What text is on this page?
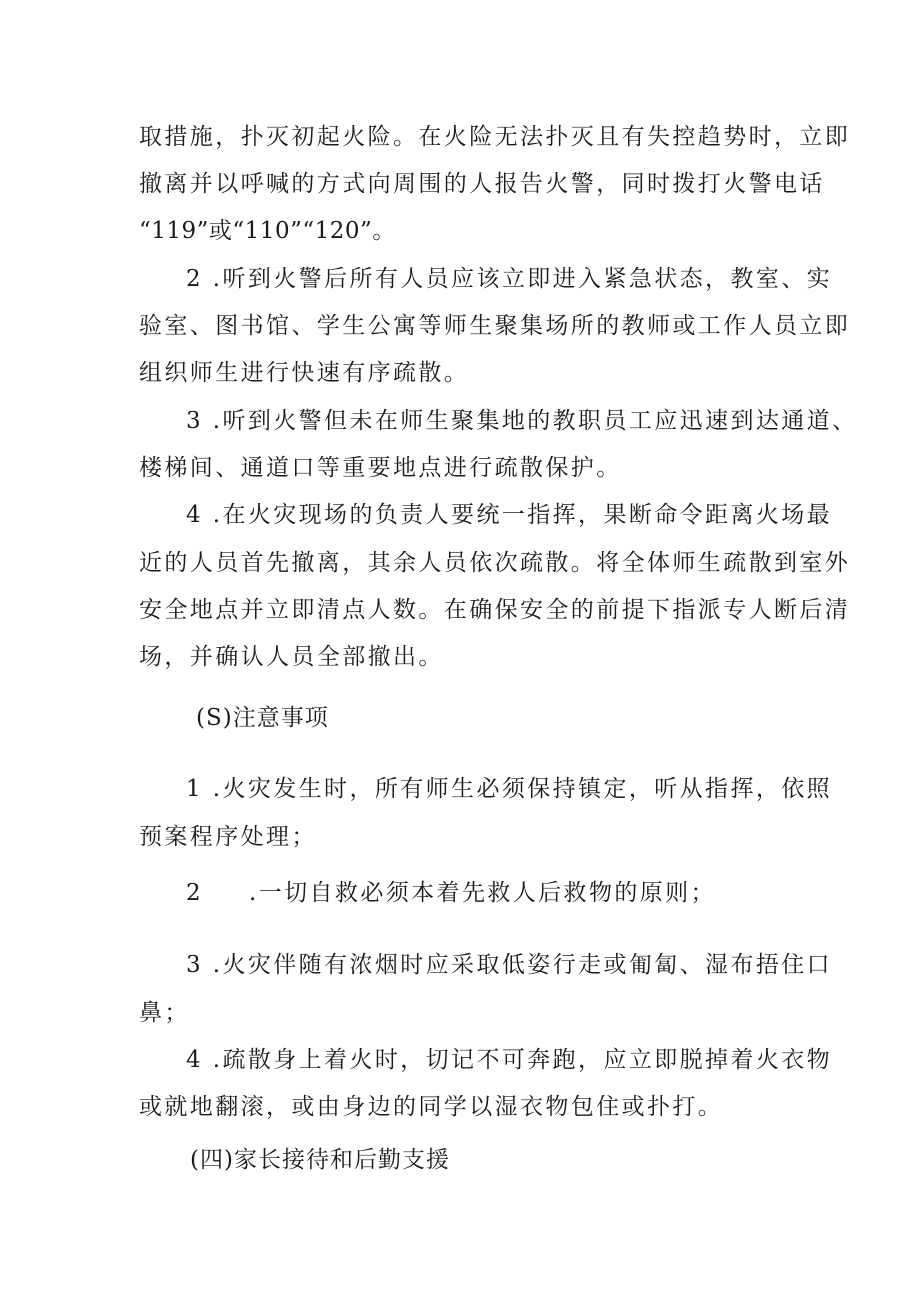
取措施，扑灭初起火险。在火险无法扑灭且有失控趋势时，立即
撤离并以呼喊的方式向周围的人报告火警，同时拨打火警电话
“119”或“110”“120”。
2 .听到火警后所有人员应该立即进入紧急状态，教室、实
验室、图书馆、学生公寓等师生聚集场所的教师或工作人员立即
组织师生进行快速有序疏散。
3 .听到火警但未在师生聚集地的教职员工应迅速到达通道、
楼梯间、通道口等重要地点进行疏散保护。
4 .在火灾现场的负责人要统一指挥，果断命令距离火场最
近的人员首先撤离，其余人员依次疏散。将全体师生疏散到室外
安全地点并立即清点人数。在确保安全的前提下指派专人断后清
场，并确认人员全部撤出。
(S)注意事项
1 .火灾发生时，所有师生必须保持镇定，听从指挥，依照
预案程序处理；
2 .一切自救必须本着先救人后救物的原则；
3 .火灾伴随有浓烟时应采取低姿行走或匍匐、湿布捂住口
鼻；
4 .疏散身上着火时，切记不可奔跑，应立即脱掉着火衣物
或就地翻滚，或由身边的同学以湿衣物包住或扑打。
(四)家长接待和后勤支援
